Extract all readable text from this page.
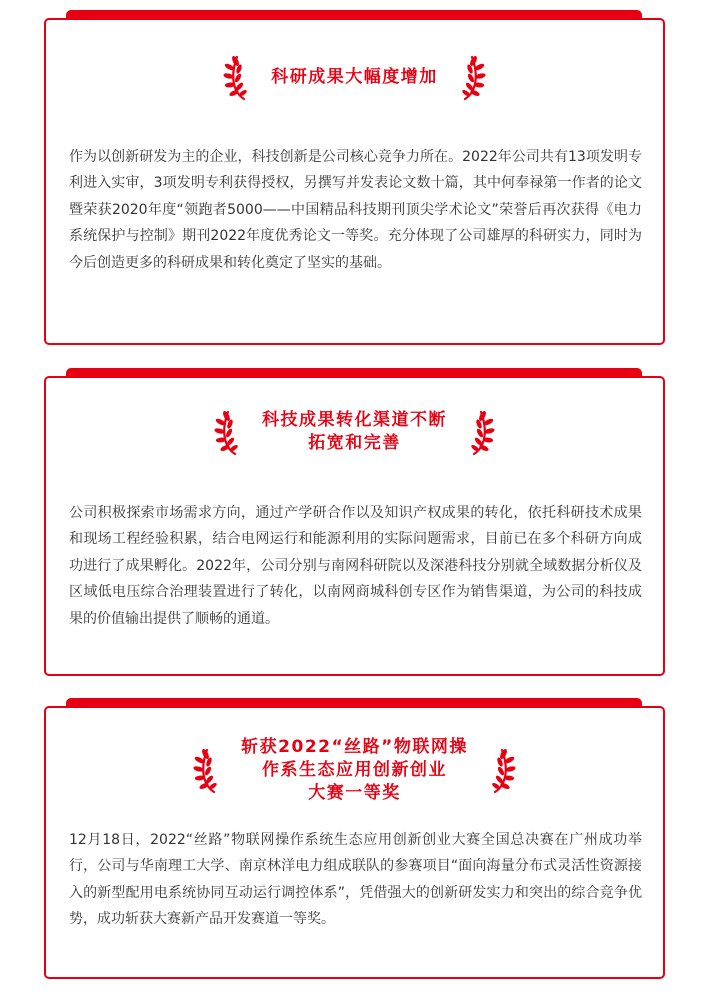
科研成果大幅度增加
作为以创新研发为主的企业，科技创新是公司核心竞争力所在。2022年公司共有13项发明专利进入实审，3项发明专利获得授权，另撰写并发表论文数十篇，其中何奉禄第一作者的论文暨荣获2020年度“领跑者5000——中国精品科技期刊顶尖学术论文”荣誉后再次获得《电力系统保护与控制》期刊2022年度优秀论文一等奖。充分体现了公司雄厚的科研实力，同时为今后创造更多的科研成果和转化奠定了坚实的基础。
科技成果转化渠道不断
拓宽和完善
公司积极探索市场需求方向，通过产学研合作以及知识产权成果的转化，依托科研技术成果和现场工程经验积累，结合电网运行和能源利用的实际问题需求，目前已在多个科研方向成功进行了成果孵化。2022年，公司分别与南网科研院以及深港科技分别就全域数据分析仪及区域低电压综合治理装置进行了转化，以南网商城科创专区作为销售渠道，为公司的科技成果的价值输出提供了顺畅的通道。
斩获2022“丝路”物联网操
作系生态应用创新创业
大赛一等奖
12月18日，2022“丝路”物联网操作系统生态应用创新创业大赛全国总决赛在广州成功举行，公司与华南理工大学、南京林洋电力组成联队的参赛项目“面向海量分布式灵活性资源接入的新型配用电系统协同互动运行调控体系”，凭借强大的创新研发实力和突出的综合竞争优势，成功斩获大赛新产品开发赛道一等奖。
